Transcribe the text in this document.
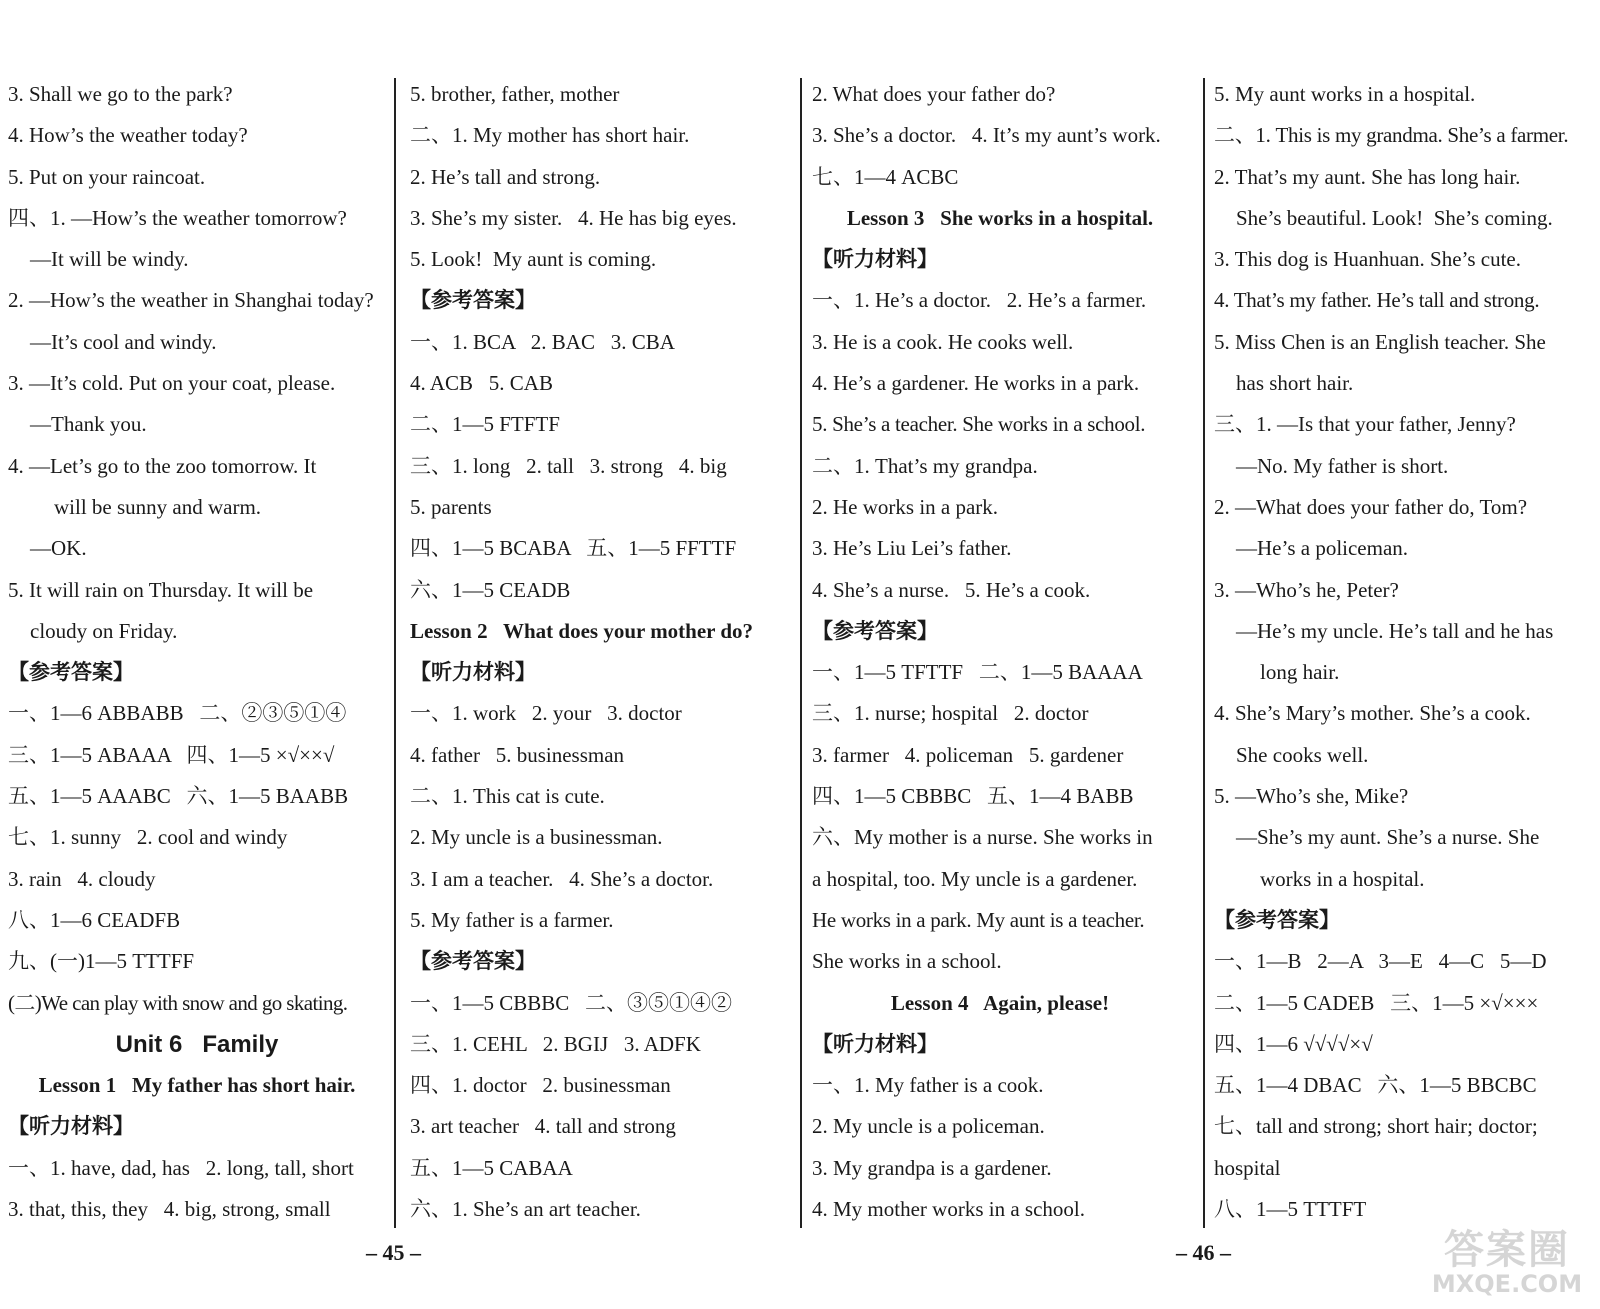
3. Shall we go to the park?
4. How’s the weather today?
5. Put on your raincoat.
四、1. —How’s the weather tomorrow?
—It will be windy.
2. —How’s the weather in Shanghai today?
—It’s cool and windy.
3. —It’s cold. Put on your coat, please.
—Thank you.
4. —Let’s go to the zoo tomorrow. It
will be sunny and warm.
—OK.
5. It will rain on Thursday. It will be
cloudy on Friday.
【参考答案】
一、1—6 ABBABB   二、②③⑤①④
三、1—5 ABAAA   四、1—5 ×√××√
五、1—5 AAABC   六、1—5 BAABB
七、1. sunny   2. cool and windy
3. rain   4. cloudy
八、1—6 CEADFB
九、(一)1—5 TTTFF
(二)We can play with snow and go skating.
Unit 6   Family
Lesson 1   My father has short hair.
【听力材料】
一、1. have, dad, has   2. long, tall, short
3. that, this, they   4. big, strong, small
5. brother, father, mother
二、1. My mother has short hair.
2. He’s tall and strong.
3. She’s my sister.   4. He has big eyes.
5. Look!  My aunt is coming.
【参考答案】
一、1. BCA   2. BAC   3. CBA
4. ACB   5. CAB
二、1—5 FTFTF
三、1. long   2. tall   3. strong   4. big
5. parents
四、1—5 BCABA   五、1—5 FFTTF
六、1—5 CEADB
Lesson 2   What does your mother do?
【听力材料】
一、1. work   2. your   3. doctor
4. father   5. businessman
二、1. This cat is cute.
2. My uncle is a businessman.
3. I am a teacher.   4. She’s a doctor.
5. My father is a farmer.
【参考答案】
一、1—5 CBBBC   二、③⑤①④②
三、1. CEHL   2. BGIJ   3. ADFK
四、1. doctor   2. businessman
3. art teacher   4. tall and strong
五、1—5 CABAA
六、1. She’s an art teacher.
2. What does your father do?
3. She’s a doctor.   4. It’s my aunt’s work.
七、1—4 ACBC
Lesson 3   She works in a hospital.
【听力材料】
一、1. He’s a doctor.   2. He’s a farmer.
3. He is a cook. He cooks well.
4. He’s a gardener. He works in a park.
5. She’s a teacher. She works in a school.
二、1. That’s my grandpa.
2. He works in a park.
3. He’s Liu Lei’s father.
4. She’s a nurse.   5. He’s a cook.
【参考答案】
一、1—5 TFTTF   二、1—5 BAAAA
三、1. nurse; hospital   2. doctor
3. farmer   4. policeman   5. gardener
四、1—5 CBBBC   五、1—4 BABB
六、My mother is a nurse. She works in
a hospital, too. My uncle is a gardener.
He works in a park. My aunt is a teacher.
She works in a school.
Lesson 4   Again, please!
【听力材料】
一、1. My father is a cook.
2. My uncle is a policeman.
3. My grandpa is a gardener.
4. My mother works in a school.
5. My aunt works in a hospital.
二、1. This is my grandma. She’s a farmer.
2. That’s my aunt. She has long hair.
She’s beautiful. Look!  She’s coming.
3. This dog is Huanhuan. She’s cute.
4. That’s my father. He’s tall and strong.
5. Miss Chen is an English teacher. She
has short hair.
三、1. —Is that your father, Jenny?
—No. My father is short.
2. —What does your father do, Tom?
—He’s a policeman.
3. —Who’s he, Peter?
—He’s my uncle. He’s tall and he has
long hair.
4. She’s Mary’s mother. She’s a cook.
She cooks well.
5. —Who’s she, Mike?
—She’s my aunt. She’s a nurse. She
works in a hospital.
【参考答案】
一、1—B   2—A   3—E   4—C   5—D
二、1—5 CADEB   三、1—5 ×√×××
四、1—6 √√√√×√
五、1—4 DBAC   六、1—5 BBCBC
七、tall and strong; short hair; doctor;
hospital
八、1—5 TTTFT
– 45 –	– 46 –	答案圈
MXQE.COM
